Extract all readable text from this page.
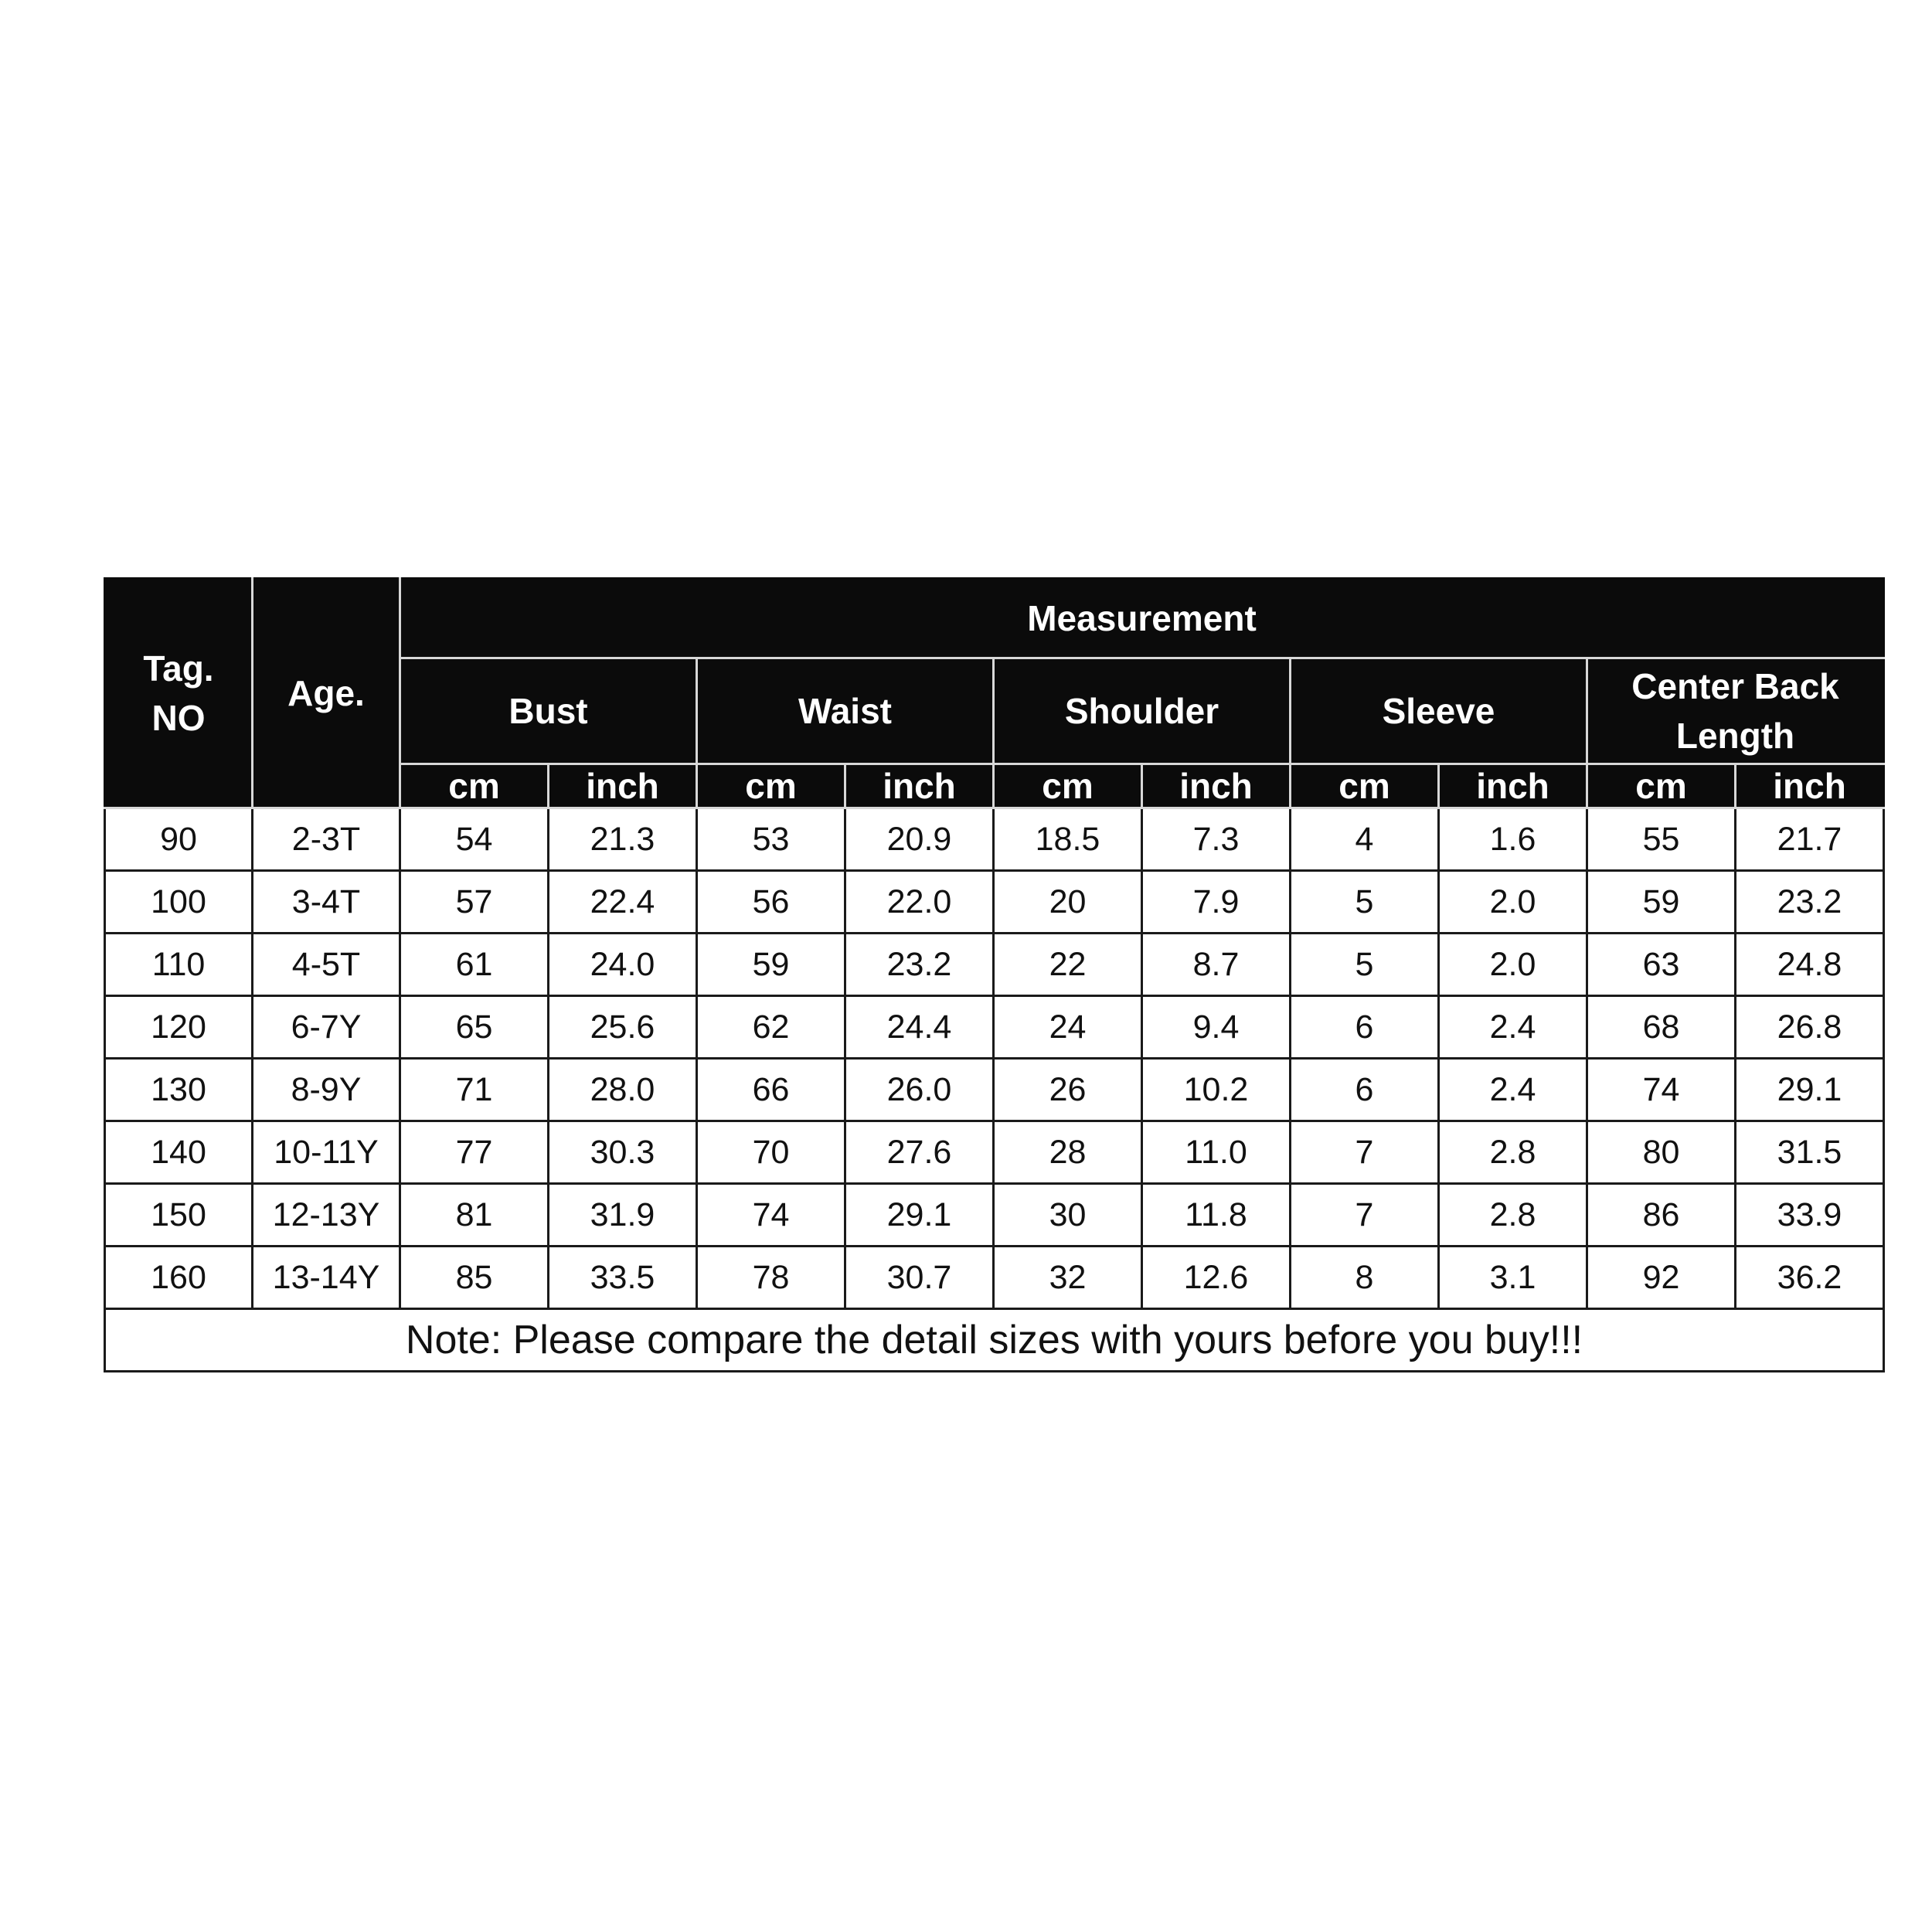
Tag.
NO	Age.	Measurement									
		Bust		Waist		Shoulder		Sleeve		Center Back
Length	

		cm	inch	cm	inch	cm	inch	cm	inch	cm	inch
90	2-3T	54	21.3	53	20.9	18.5	7.3	4	1.6	55	21.7
100	3-4T	57	22.4	56	22.0	20	7.9	5	2.0	59	23.2
110	4-5T	61	24.0	59	23.2	22	8.7	5	2.0	63	24.8
120	6-7Y	65	25.6	62	24.4	24	9.4	6	2.4	68	26.8
130	8-9Y	71	28.0	66	26.0	26	10.2	6	2.4	74	29.1
140	10-11Y	77	30.3	70	27.6	28	11.0	7	2.8	80	31.5
150	12-13Y	81	31.9	74	29.1	30	11.8	7	2.8	86	33.9
160	13-14Y	85	33.5	78	30.7	32	12.6	8	3.1	92	36.2
Note: Please compare the detail sizes with yours before you buy!!!											
